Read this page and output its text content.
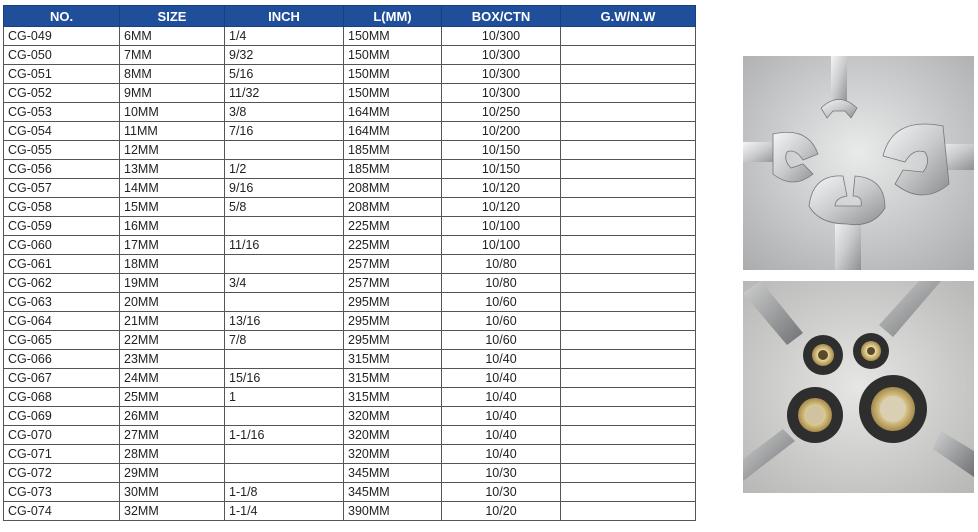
NO.	SIZE	INCH	L(MM)	BOX/CTN	G.W/N.W
CG-049	6MM	1/4	150MM	10/300	
CG-050	7MM	9/32	150MM	10/300	
CG-051	8MM	5/16	150MM	10/300	
CG-052	9MM	11/32	150MM	10/300	
CG-053	10MM	3/8	164MM	10/250	
CG-054	11MM	7/16	164MM	10/200	
CG-055	12MM		185MM	10/150	
CG-056	13MM	1/2	185MM	10/150	
CG-057	14MM	9/16	208MM	10/120	
CG-058	15MM	5/8	208MM	10/120	
CG-059	16MM		225MM	10/100	
CG-060	17MM	11/16	225MM	10/100	
CG-061	18MM		257MM	10/80	
CG-062	19MM	3/4	257MM	10/80	
CG-063	20MM		295MM	10/60	
CG-064	21MM	13/16	295MM	10/60	
CG-065	22MM	7/8	295MM	10/60	
CG-066	23MM		315MM	10/40	
CG-067	24MM	15/16	315MM	10/40	
CG-068	25MM	1	315MM	10/40	
CG-069	26MM		320MM	10/40	
CG-070	27MM	1-1/16	320MM	10/40	
CG-071	28MM		320MM	10/40	
CG-072	29MM		345MM	10/30	
CG-073	30MM	1-1/8	345MM	10/30	
CG-074	32MM	1-1/4	390MM	10/20	
